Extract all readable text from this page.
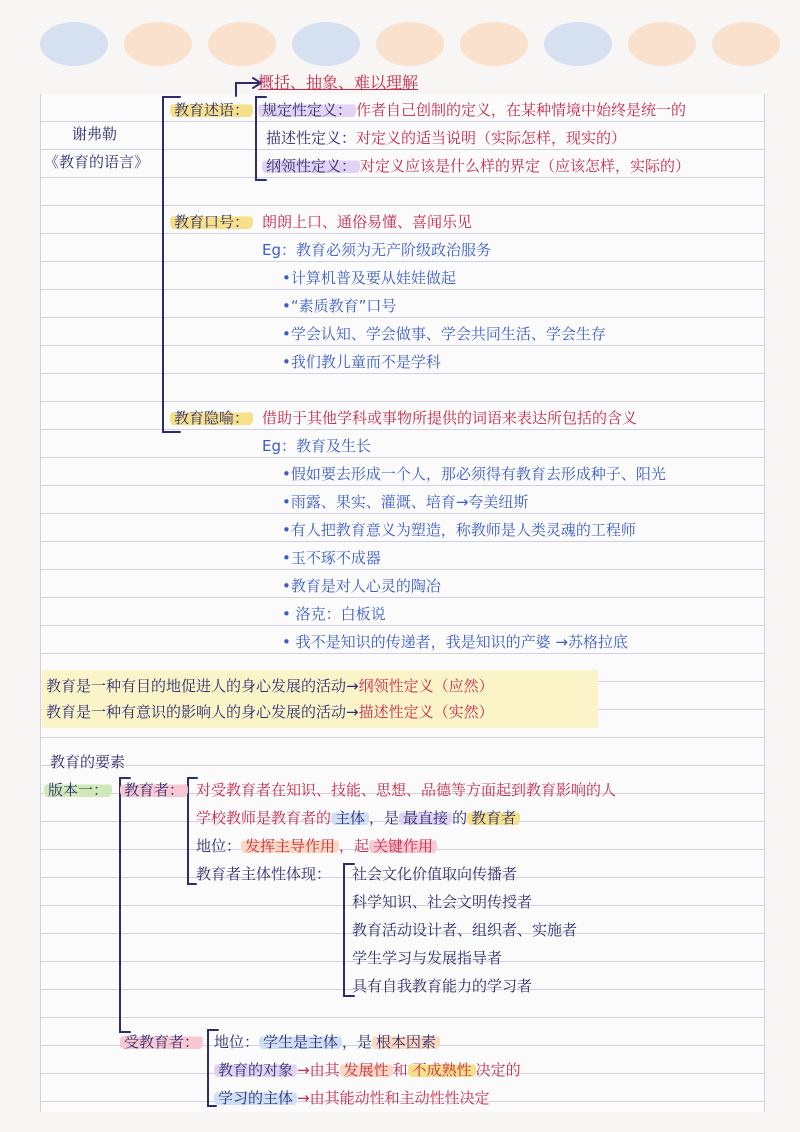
概括、抽象、难以理解
谢弗勒
《教育的语言》
教育述语： 规定性定义： 作者自己创制的定义，在某种情境中始终是统一的
描述性定义：对定义的适当说明（实际怎样，现实的）
纲领性定义： 对定义应该是什么样的界定（应该怎样，实际的）
教育口号： 朗朗上口、通俗易懂、喜闻乐见
Eg：教育必须为无产阶级政治服务
•计算机普及要从娃娃做起
•“素质教育”口号
•学会认知、学会做事、学会共同生活、学会生存
•我们教儿童而不是学科
教育隐喻： 借助于其他学科或事物所提供的词语来表达所包括的含义
Eg：教育及生长
•假如要去形成一个人，那必须得有教育去形成种子、阳光
•雨露、果实、灌溉、培育→夸美纽斯
•有人把教育意义为塑造，称教师是人类灵魂的工程师
•玉不琢不成器
•教育是对人心灵的陶冶
• 洛克：白板说
• 我不是知识的传递者，我是知识的产婆 →苏格拉底
教育是一种有目的地促进人的身心发展的活动→纲领性定义（应然）
教育是一种有意识的影响人的身心发展的活动→描述性定义（实然）
教育的要素
版本一： 教育者： 对受教育者在知识、技能、思想、品德等方面起到教育影响的人
学校教师是教育者的 主体 ，是 最直接 的 教育者
地位： 发挥主导作用 ，起 关键作用
教育者主体性体现： 社会文化价值取向传播者
科学知识、社会文明传授者
教育活动设计者、组织者、实施者
学生学习与发展指导者
具有自我教育能力的学习者
受教育者： 地位： 学生是主体 ，是 根本因素
教育的对象 →由其 发展性 和 不成熟性 决定的
学习的主体 →由其能动性和主动性性决定
